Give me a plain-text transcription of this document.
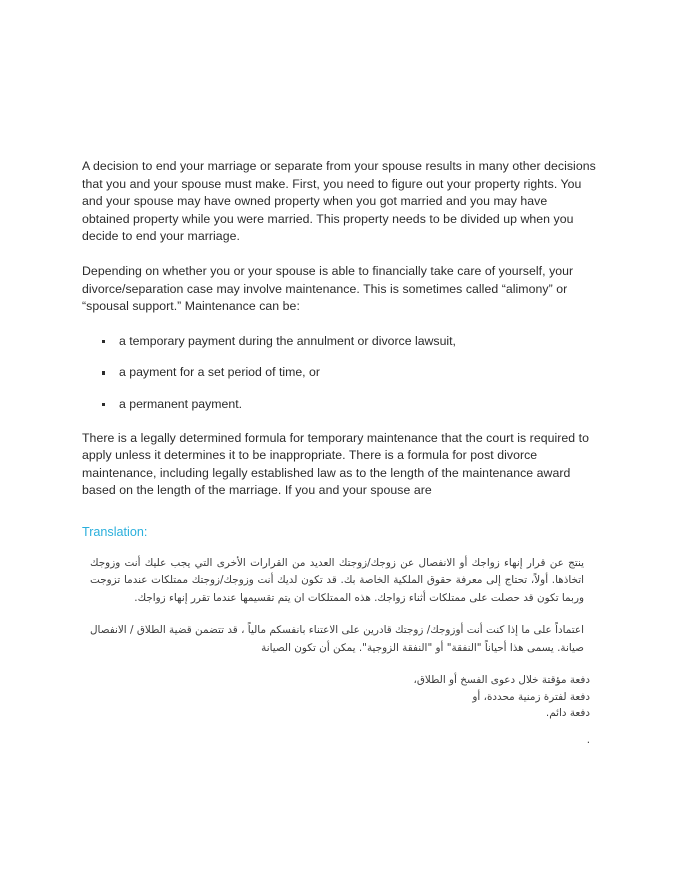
A decision to end your marriage or separate from your spouse results in many other decisions that you and your spouse must make. First, you need to figure out your property rights. You and your spouse may have owned property when you got married and you may have obtained property while you were married. This property needs to be divided up when you decide to end your marriage.

Depending on whether you or your spouse is able to financially take care of yourself, your divorce/separation case may involve maintenance. This is sometimes called “alimony” or “spousal support.” Maintenance can be:

a temporary payment during the annulment or divorce lawsuit,
a payment for a set period of time, or
a permanent payment.

There is a legally determined formula for temporary maintenance that the court is required to apply unless it determines it to be inappropriate. There is a formula for post divorce maintenance, including legally established law as to the length of the maintenance award based on the length of the marriage. If you and your spouse are

Translation:
ينتج عن قرار إنهاء زواجك أو الانفصال عن زوجك/زوجتك العديد من القرارات الأخرى التي يجب عليك أنت وزوجك اتخاذها. أولاً، تحتاج إلى معرفة حقوق الملكية الخاصة بك. قد تكون لديك أنت وزوجك/زوجتك ممتلكات عندما تزوجت وربما تكون قد حصلت على ممتلكات أثناء زواجك. هذه الممتلكات ان يتم تقسيمها عندما تقرر إنهاء زواجك.
اعتماداً على ما إذا كنت أنت أوزوجك/ زوجتك قادرين على الاعتناء بانفسكم مالياً ، قد تتضمن قضية الطلاق / الانفصال صيانة. يسمى هذا أحياناً "النفقة" أو "النفقة الزوجية". يمكن أن تكون الصيانة
دفعة مؤقتة خلال دعوى الفسخ أو الطلاق،
دفعة لفترة زمنية محددة، أو
دفعة دائم.
.
